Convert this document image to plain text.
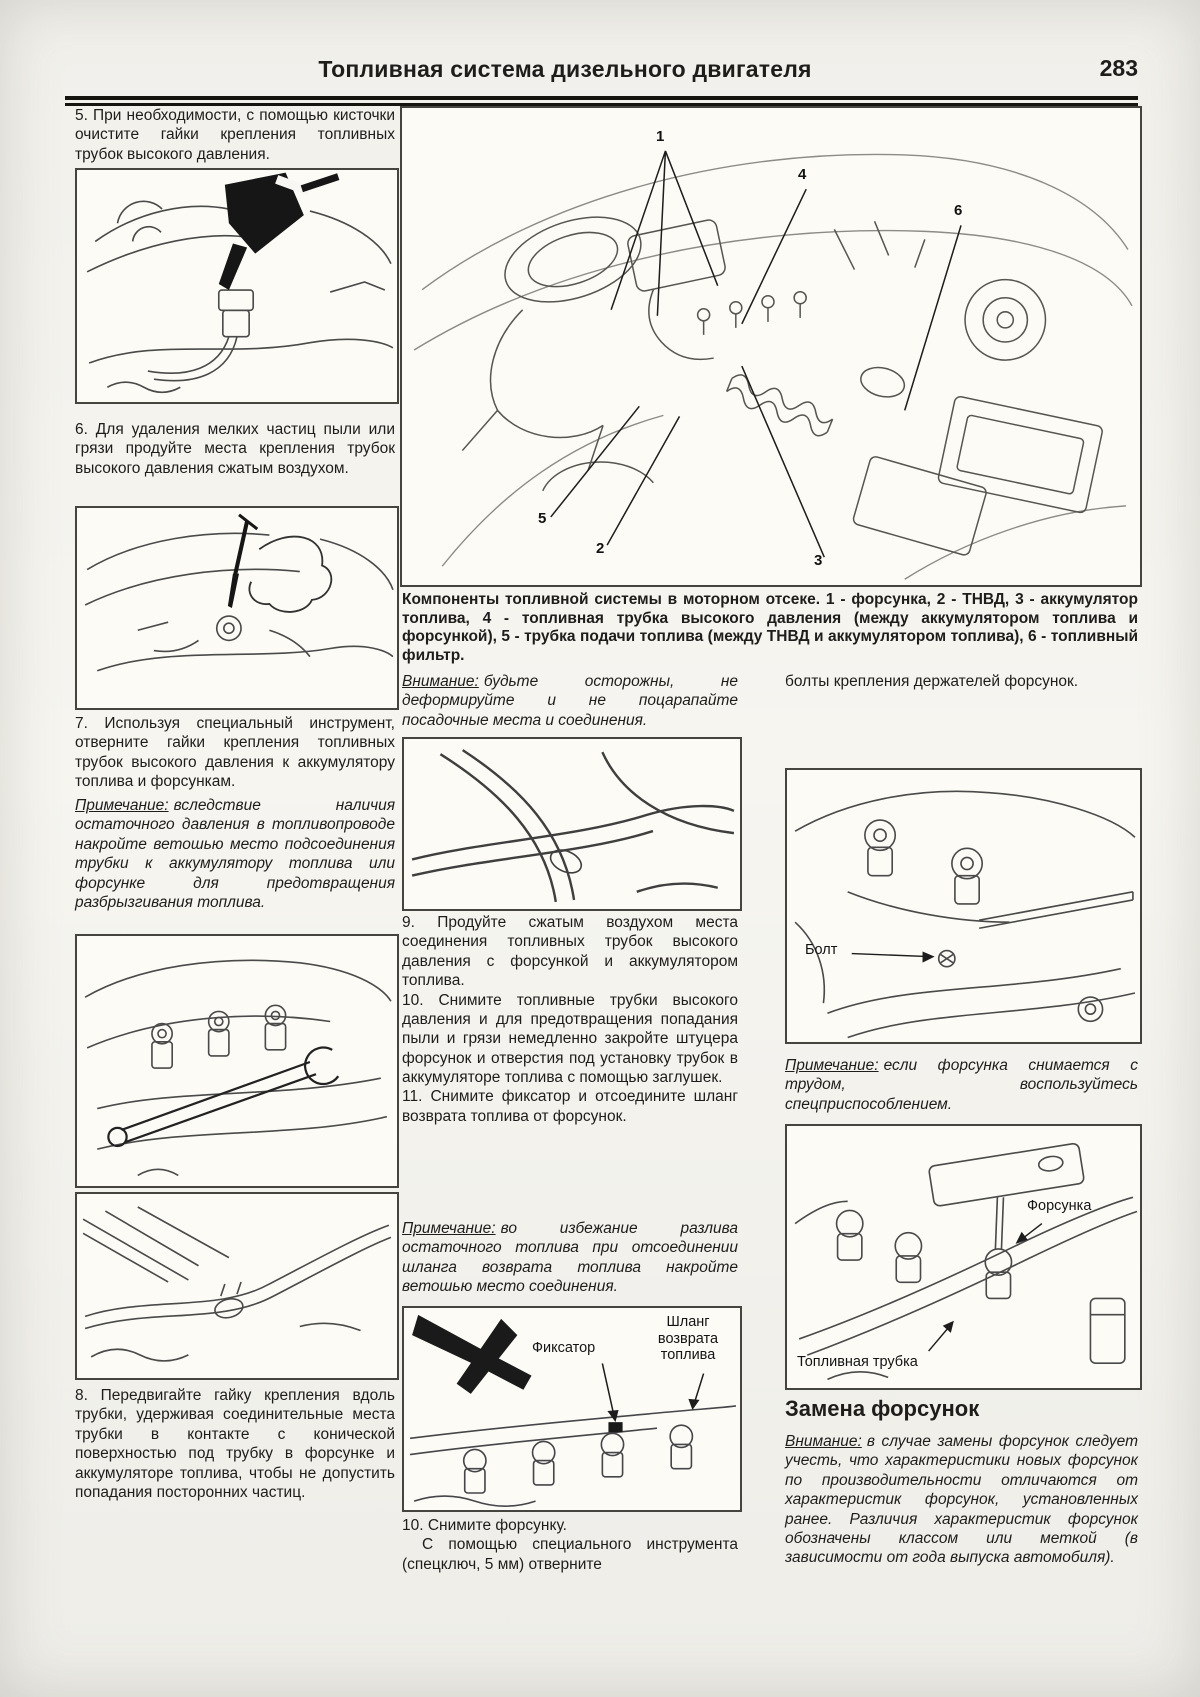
Топливная система дизельного двигателя	283
5. При необходимости, с помощью кисточки очистите гайки крепления топливных трубок высокого давления.
6. Для удаления мелких частиц пыли или грязи продуйте места крепления трубок высокого давления сжатым воздухом.
7. Используя специальный инструмент, отверните гайки крепления топливных трубок высокого давления к аккумулятору топлива и форсункам.
Примечание: вследствие наличия остаточного давления в топливопроводе накройте ветошью место подсоединения трубки к аккумулятору топлива или форсунке для предотвращения разбрызгивания топлива.
8. Передвигайте гайку крепления вдоль трубки, удерживая соединительные места трубки в контакте с конической поверхностью под трубку в форсунке и аккумуляторе топлива, чтобы не допустить попадания посторонних частиц.
1
4
6
5
2
3
Компоненты топливной системы в моторном отсеке. 1 - форсунка, 2 - ТНВД, 3 - аккумулятор топлива, 4 - топливная трубка высокого давления (между аккумулятором топлива и форсункой), 5 - трубка подачи топлива (между ТНВД и аккумулятором топлива), 6 - топливный фильтр.
Внимание: будьте осторожны, не деформируйте и не поцарапайте посадочные места и соединения.

9. Продуйте сжатым воздухом места соединения топливных трубок высокого давления с форсункой и аккумулятором топлива.

10. Снимите топливные трубки высокого давления и для предотвращения попадания пыли и грязи немедленно закройте штуцера форсунок и отверстия под установку трубок в аккумуляторе топлива с помощью заглушек.

11. Снимите фиксатор и отсоедините шланг возврата топлива от форсунок.

Примечание: во избежание разлива остаточного топлива при отсоединении шланга возврата топлива накройте ветошью место соединения.
Фиксатор
Шланг возврата топлива

10. Снимите форсунку.

С помощью специального инструмента (спецключ, 5 мм) отверните

болты крепления держателей форсунок.
Болт
Примечание: если форсунка снимается с трудом, воспользуйтесь спецприспособлением.
Форсунка
Топливная трубка
Замена форсунок
Внимание: в случае замены форсунок следует учесть, что характеристики новых форсунок по производительности отличаются от характеристик форсунок, установленных ранее. Различия характеристик форсунок обозначены классом или меткой (в зависимости от года выпуска автомобиля).
